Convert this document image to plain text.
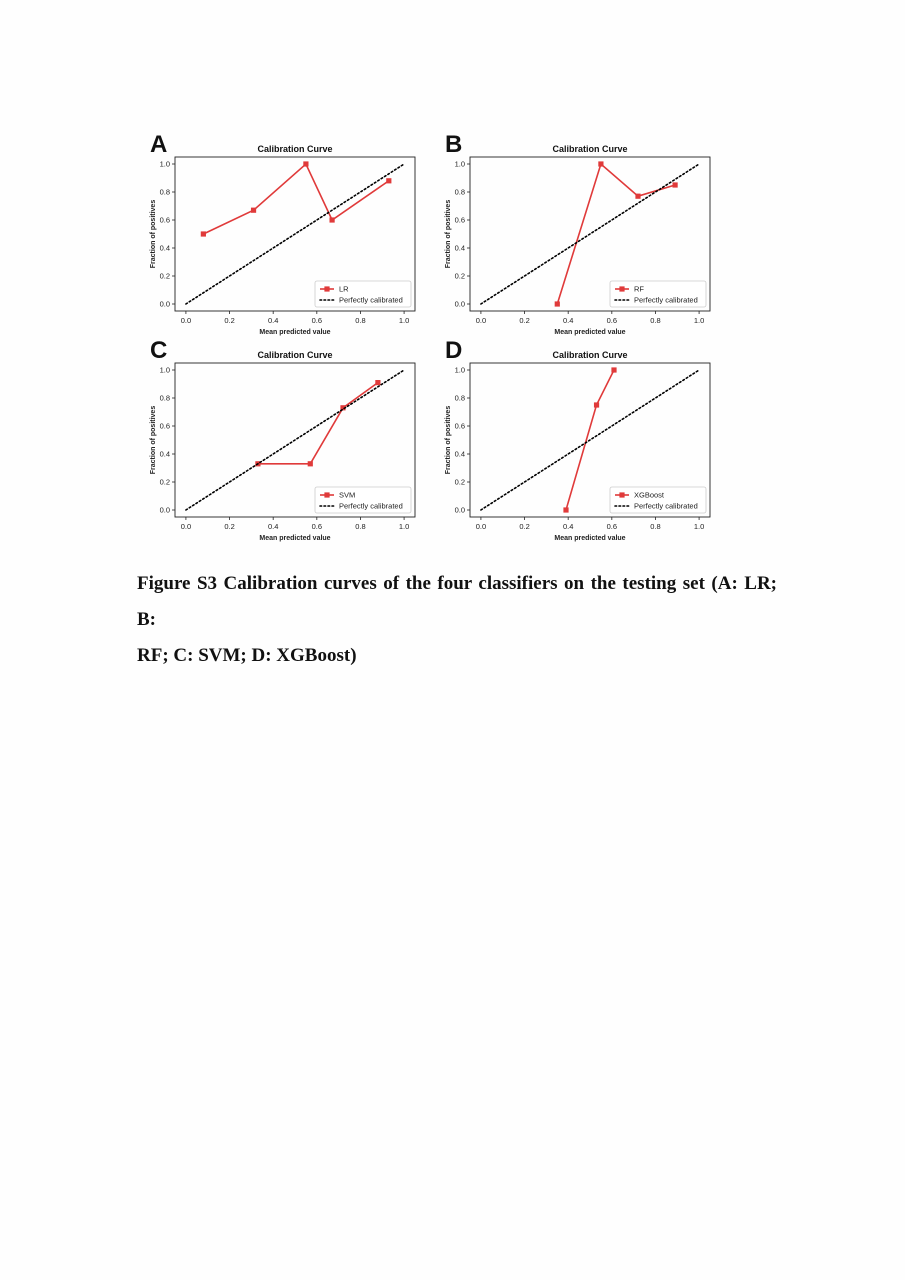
A	Calibration Curve
0.0	0.2	0.4	0.6	0.8	1.0
0.0
0.2
0.4
0.6
0.8
1.0
Mean predicted value
Fraction of positives
LR
Perfectly calibrated
B	Calibration Curve
0.0	0.2	0.4	0.6	0.8	1.0
0.0
0.2
0.4
0.6
0.8
1.0
Mean predicted value
Fraction of positives
RF
Perfectly calibrated
C	Calibration Curve
0.0	0.2	0.4	0.6	0.8	1.0
0.0
0.2
0.4
0.6
0.8
1.0
Mean predicted value
Fraction of positives
SVM
Perfectly calibrated
D	Calibration Curve
0.0	0.2	0.4	0.6	0.8	1.0
0.0
0.2
0.4
0.6
0.8
1.0
Mean predicted value
Fraction of positives
XGBoost
Perfectly calibrated
Figure S3 Calibration curves of the four classifiers on the testing set (A: LR; B:
RF; C: SVM; D: XGBoost)
